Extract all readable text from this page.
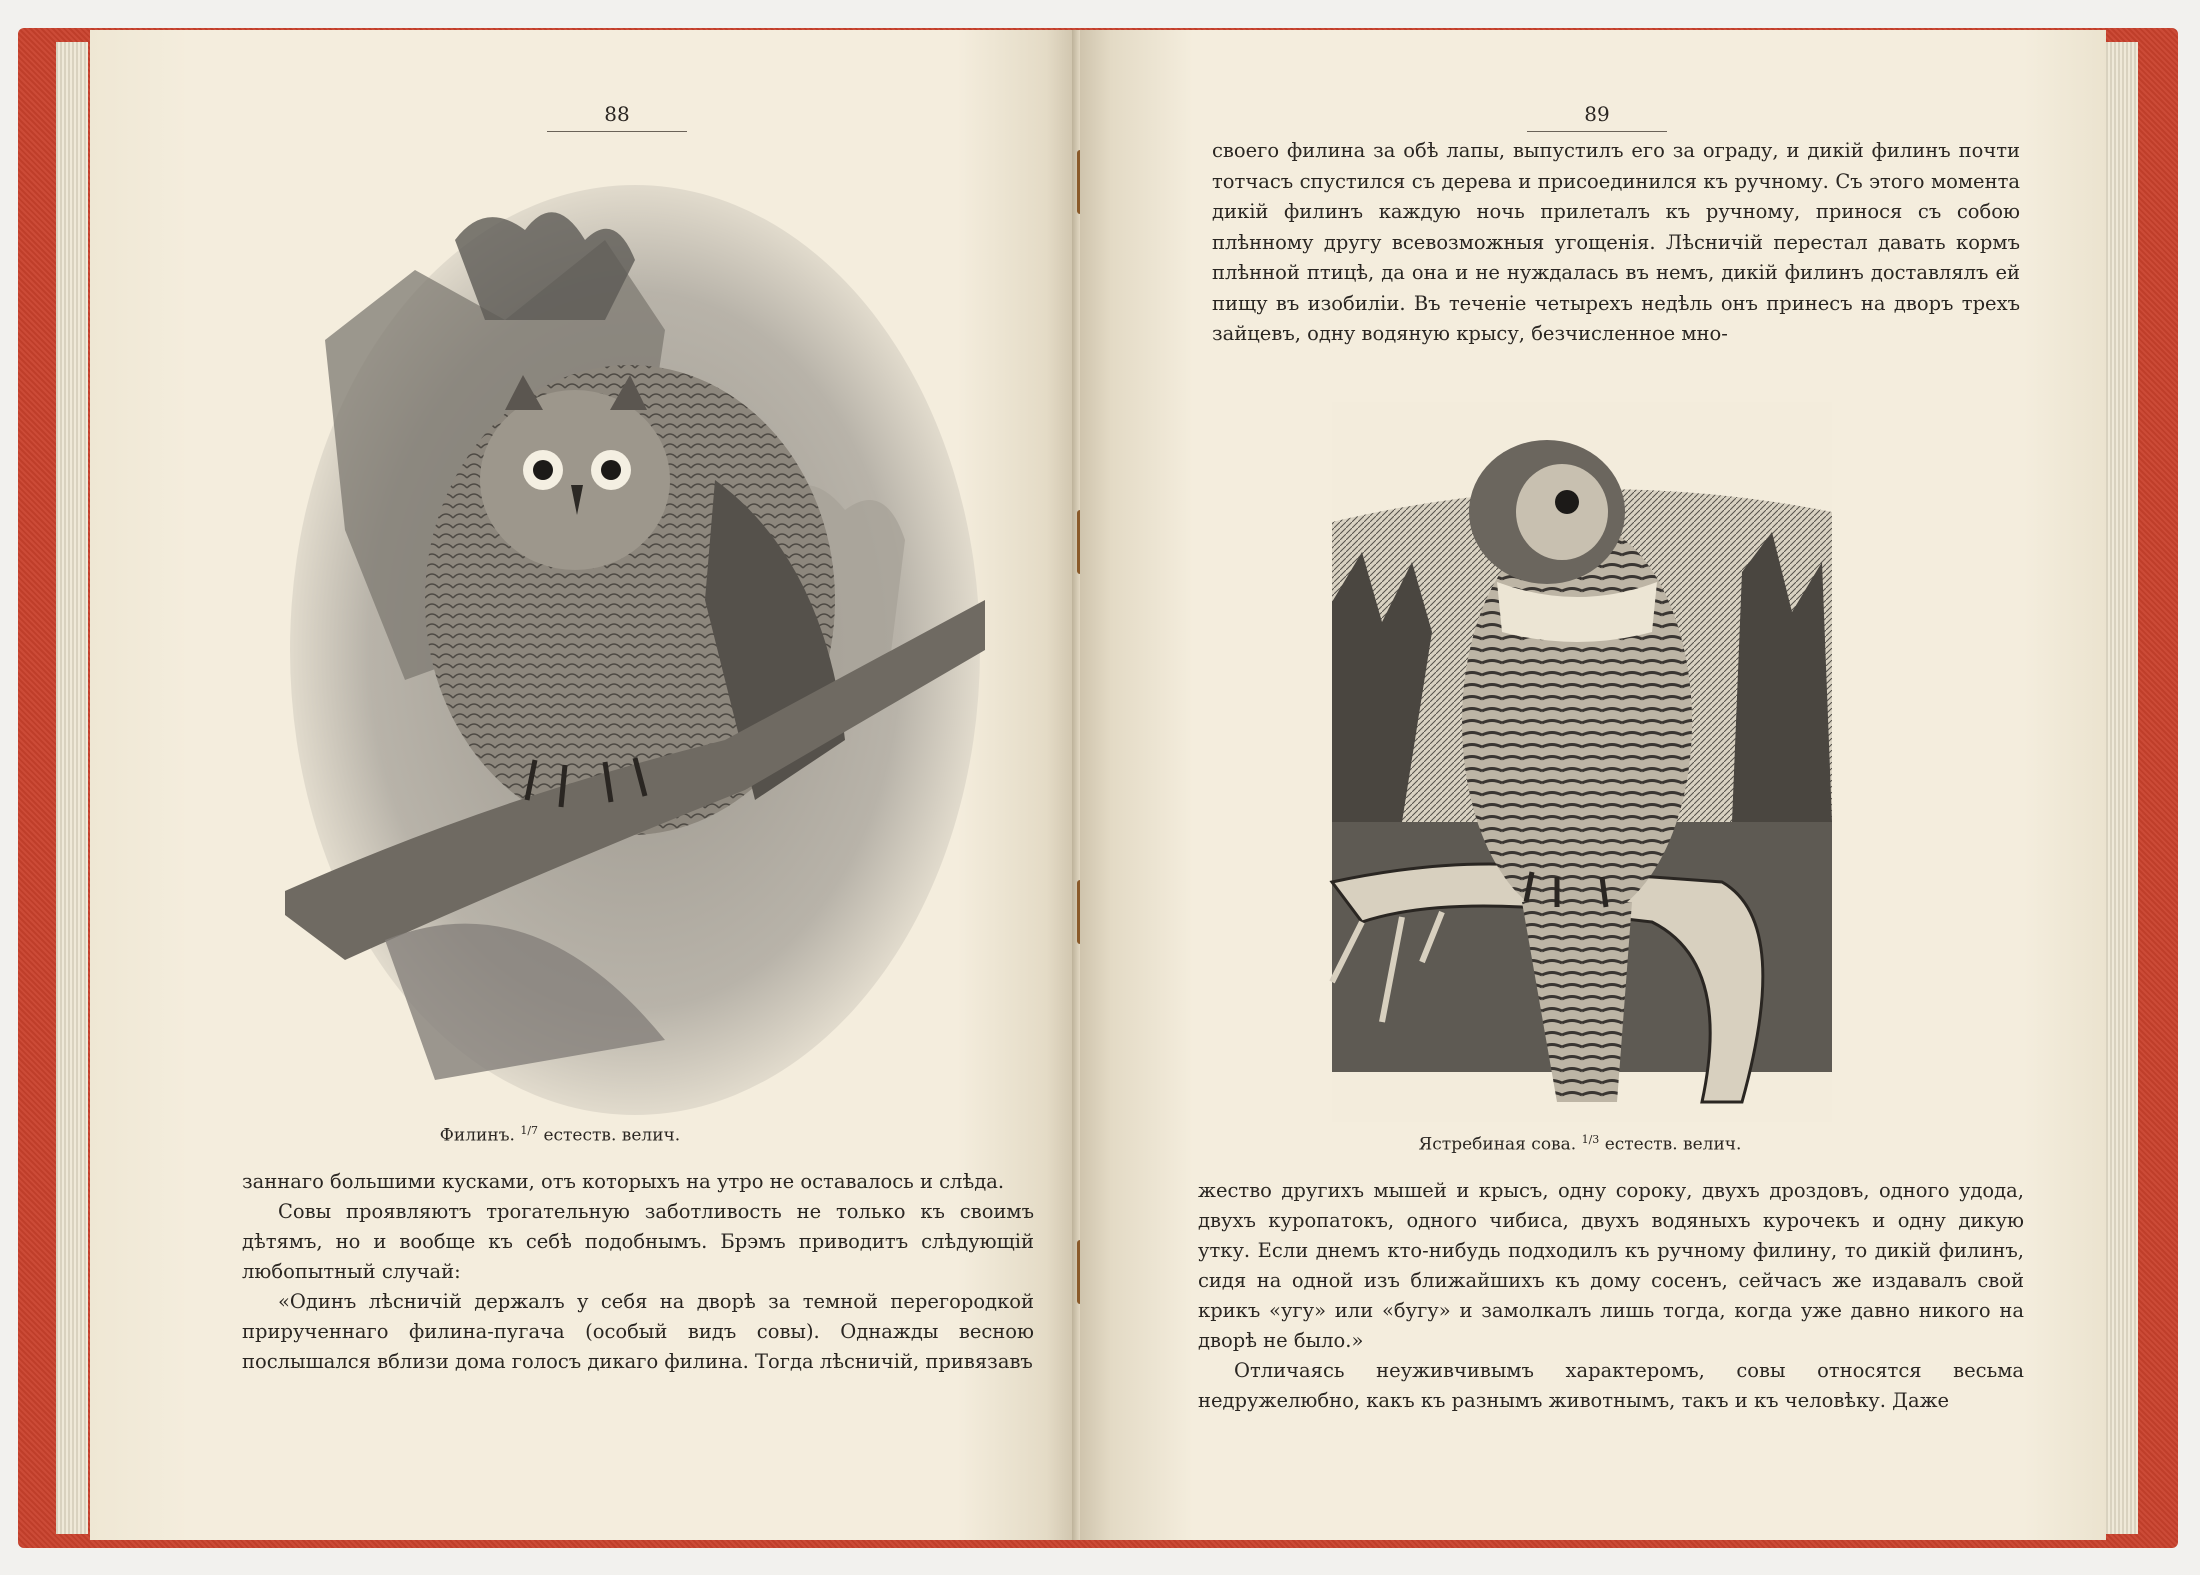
88
Филинъ. $^{1/7}$ естеств. велич.

заннаго большими кусками, отъ которыхъ на утро не оставалось и слѣда.

Совы проявляютъ трогательную заботливость не только къ своимъ дѣтямъ, но и вообще къ себѣ подобнымъ. Брэмъ приводитъ слѣдующій любопытный случай:

«Одинъ лѣсничій держалъ у себя на дворѣ за темной перегородкой прирученнаго филина-пугача (особый видъ совы). Однажды весною послышался вблизи дома голосъ дикаго филина. Тогда лѣсничій, привязавъ

89
своего филина за обѣ лапы, выпустилъ его за ограду, и дикій филинъ почти тотчасъ спустился съ дерева и присоединился къ ручному. Съ этого момента дикій филинъ каждую ночь прилеталъ къ ручному, принося съ собою плѣнному другу всевозможныя угощенія. Лѣсничій перестал давать кормъ плѣнной птицѣ, да она и не нуждалась въ немъ, дикій филинъ доставлялъ ей пищу въ изобиліи. Въ теченіе четырехъ недѣль онъ принесъ на дворъ трехъ зайцевъ, одну водяную крысу, безчисленное мно-
Ястребиная сова. $^{1/3}$ естеств. велич.

жество другихъ мышей и крысъ, одну сороку, двухъ дроздовъ, одного удода, двухъ куропатокъ, одного чибиса, двухъ водяныхъ курочекъ и одну дикую утку. Если днемъ кто-нибудь подходилъ къ ручному филину, то дикій филинъ, сидя на одной изъ ближайшихъ къ дому сосенъ, сейчасъ же издавалъ свой крикъ «угу» или «бугу» и замолкалъ лишь тогда, когда уже давно никого на дворѣ не было.»

Отличаясь неуживчивымъ характеромъ, совы относятся весьма недружелюбно, какъ къ разнымъ животнымъ, такъ и къ человѣку. Даже
